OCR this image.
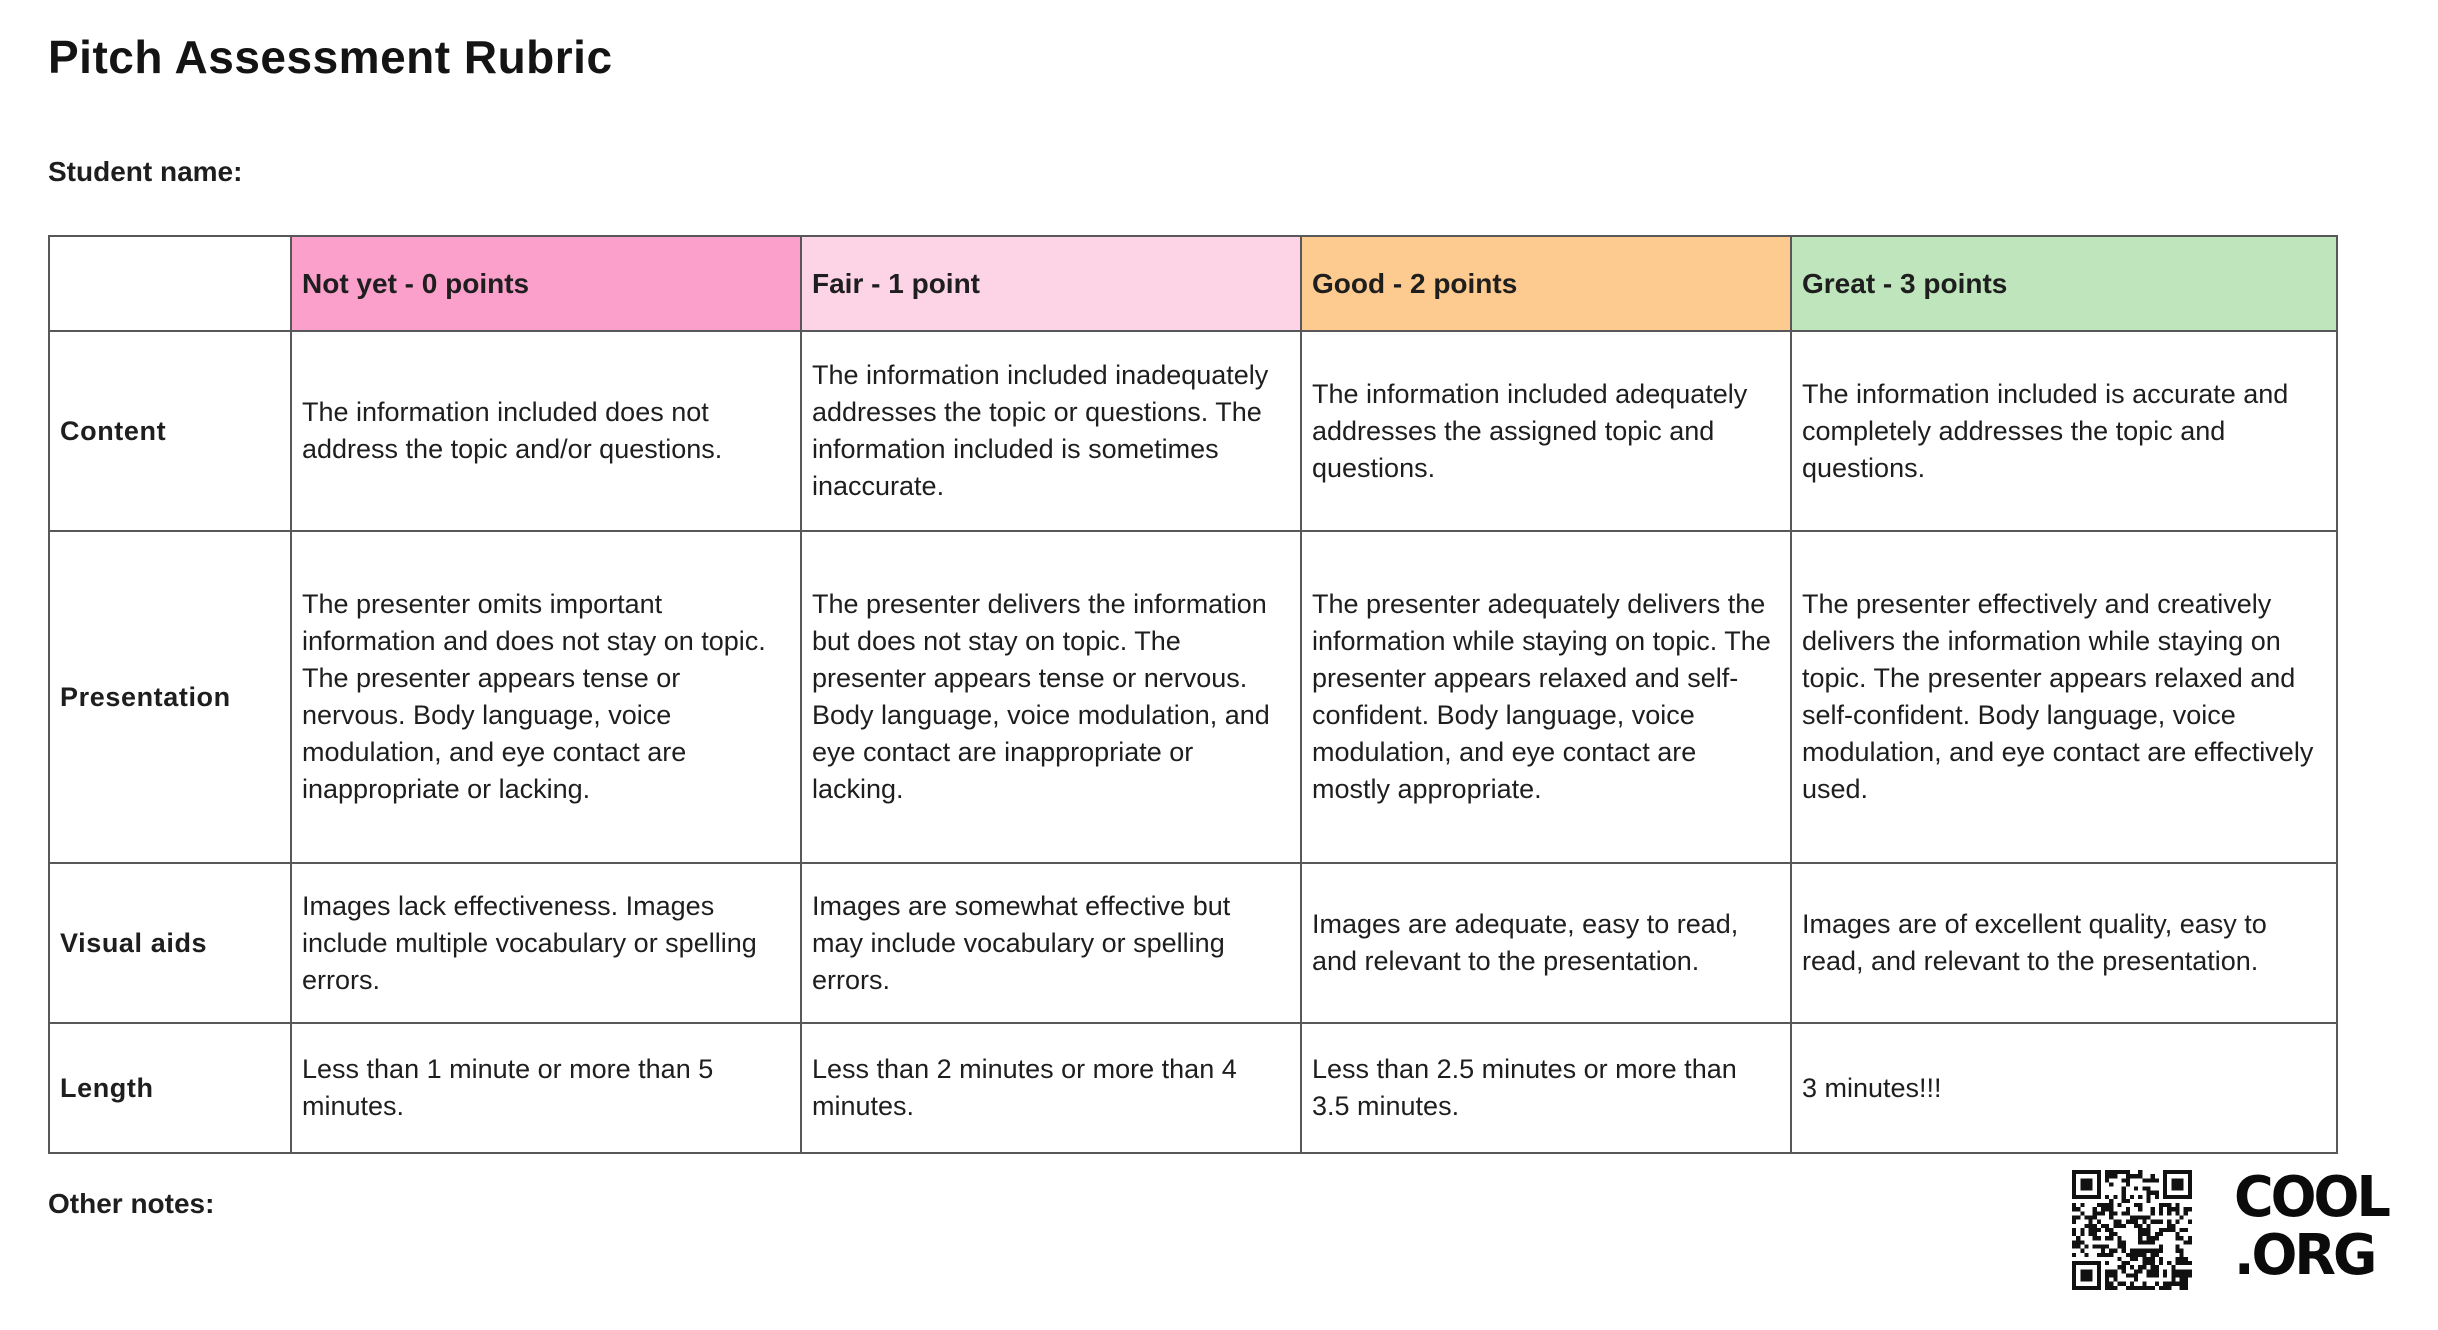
Pitch Assessment Rubric
Student name:
	Not yet - 0 points	Fair - 1 point	Good - 2 points	Great - 3 points
Content	The information included does not address the topic and/or questions.	The information included inadequately addresses the topic or questions. The information included is sometimes inaccurate.	The information included adequately addresses the assigned topic and questions.	The information included is accurate and completely addresses the topic and questions.
Presentation	The presenter omits important information and does not stay on topic. The presenter appears tense or nervous. Body language, voice modulation, and eye contact are inappropriate or lacking.	The presenter delivers the information but does not stay on topic. The presenter appears tense or nervous. Body language, voice modulation, and eye contact are inappropriate or lacking.	The presenter adequately delivers the information while staying on topic. The presenter appears relaxed and self-confident. Body language, voice modulation, and eye contact are mostly appropriate.	The presenter effectively and creatively delivers the information while staying on topic. The presenter appears relaxed and self-confident. Body language, voice modulation, and eye contact are effectively used.
Visual aids	Images lack effectiveness. Images include multiple vocabulary or spelling errors.	Images are somewhat effective but may include vocabulary or spelling errors.	Images are adequate, easy to read, and relevant to the presentation.	Images are of excellent quality, easy to read, and relevant to the presentation.
Length	Less than 1 minute or more than 5 minutes.	Less than 2 minutes or more than 4 minutes.	Less than 2.5 minutes or more than 3.5 minutes.	3 minutes!!!
Other notes:	COOL
.ORG
